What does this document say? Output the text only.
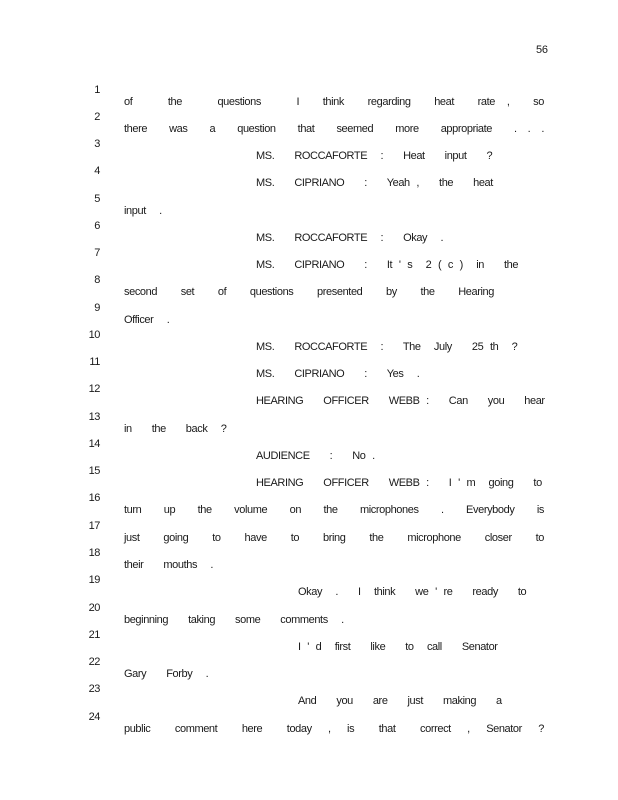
56

1

of   the   questions   I  think  regarding  heat  rate ,  so

2

there  was  a  question  that  seemed  more  appropriate  . . .

3

MS.   ROCCAFORTE  :   Heat   input   ?

4

MS.   CIPRIANO   :   Yeah ,   the   heat

5

input  .

6

MS.   ROCCAFORTE  :   Okay  .

7

MS.   CIPRIANO   :   It ' s  2 ( c )  in   the

8

second   set   of   questions   presented   by   the   Hearing

9

Officer  .

10

MS.   ROCCAFORTE  :   The  July   25 th  ?

11

MS.   CIPRIANO   :   Yes  .

12

HEARING   OFFICER   WEBB :   Can   you   hear

13

in   the   back  ?

14

AUDIENCE   :   No .

15

HEARING   OFFICER   WEBB :   I ' m  going   to

16

turn   up   the   volume   on   the   microphones   .   Everybody   is

17

just   going   to   have   to   bring   the   microphone   closer   to

18

their   mouths  .

19

Okay  .   I  think   we ' re   ready   to

20

beginning   taking   some   comments  .

21

I ' d  first   like   to  call   Senator

22

Gary   Forby  .

23

And   you   are   just   making   a

24

public   comment   here   today  ,  is   that   correct  ,  Senator  ?
